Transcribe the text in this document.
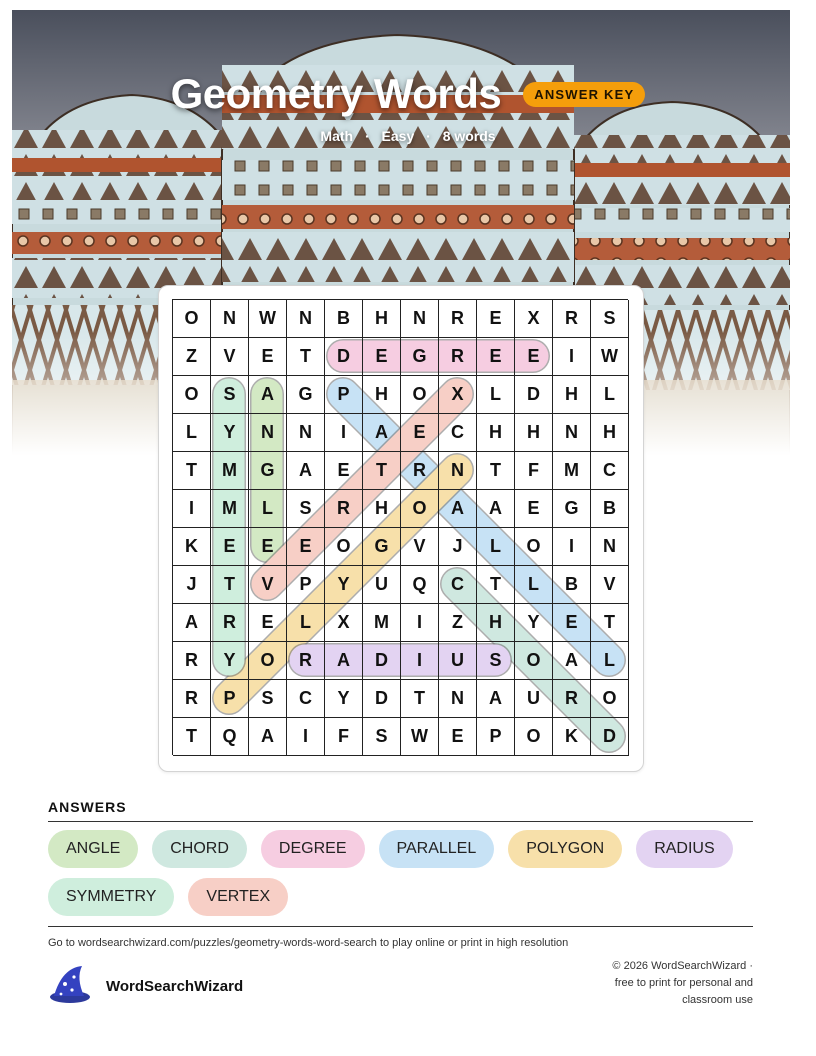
Geometry Words	ANSWER KEY
Math · Easy · 8 words
O	N	W	N	B	H	N	R	E	X	R	S
Z	V	E	T	D	E	G	R	E	E	I	W
O	S	A	G	P	H	O	X	L	D	H	L
L	Y	N	N	I	A	E	C	H	H	N	H
T	M	G	A	E	T	R	N	T	F	M	C
I	M	L	S	R	H	O	A	A	E	G	B
K	E	E	E	O	G	V	J	L	O	I	N
J	T	V	P	Y	U	Q	C	T	L	B	V
A	R	E	L	X	M	I	Z	H	Y	E	T
R	Y	O	R	A	D	I	U	S	O	A	L
R	P	S	C	Y	D	T	N	A	U	R	O
T	Q	A	I	F	S	W	E	P	O	K	D
ANSWERS
ANGLE	CHORD	DEGREE	PARALLEL	POLYGON	RADIUS
SYMMETRY	VERTEX
Go to wordsearchwizard.com/puzzles/geometry-words-word-search to play online or print in high resolution
WordSearchWizard
© 2026 WordSearchWizard ·
free to print for personal and
classroom use
